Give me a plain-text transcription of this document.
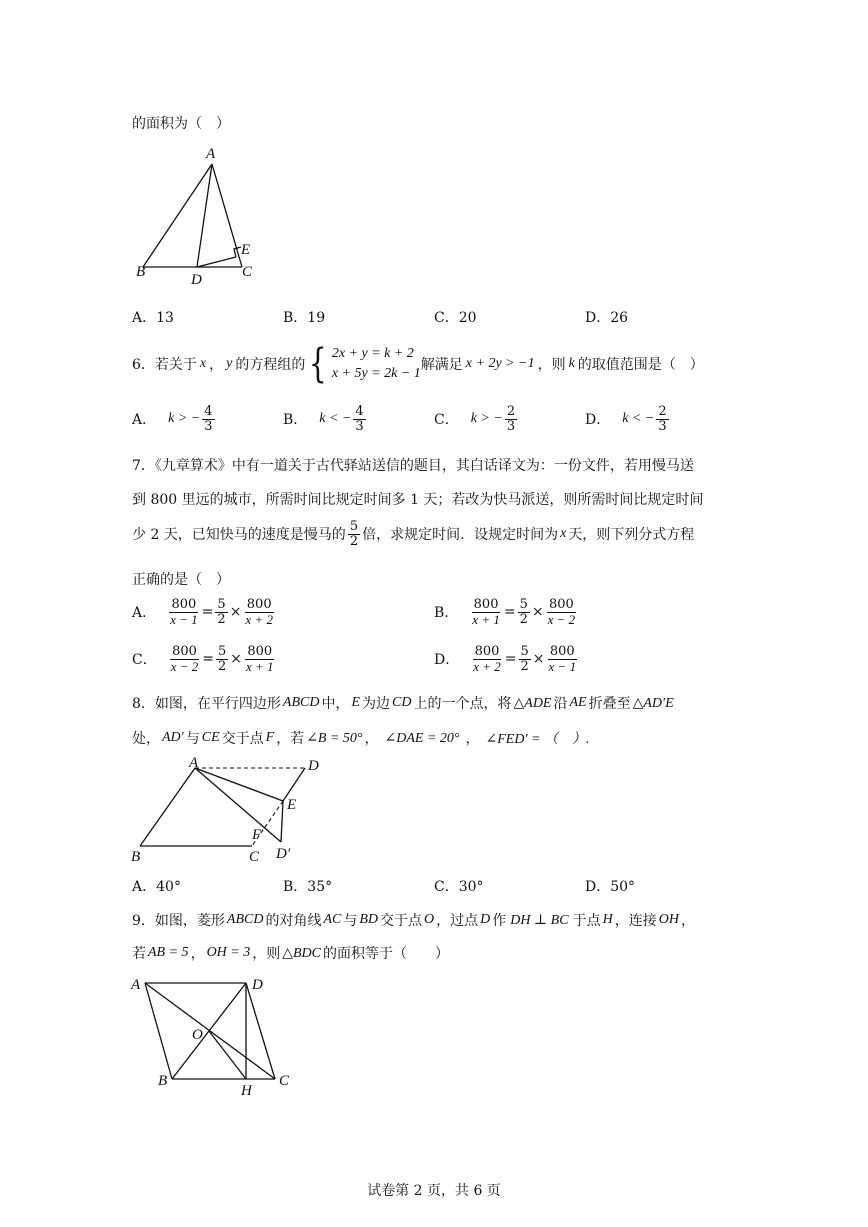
的面积为（　）
A
B	D	C
E
A．13	B．19	C．20	D．26
6．若关于 x ， y 的方程组的 { 2x + y = k + 2
x + 5y = 2k − 1
解满足 x + 2y > −1 ，则 k 的取值范围是（　）
A． k > − $\frac{4}{3}$	B． k < − $\frac{4}{3}$	C． k > − $\frac{2}{3}$	D． k < − $\frac{2}{3}$
7．《九章算术》中有一道关于古代驿站送信的题目，其白话译文为：一份文件，若用慢马送
到 800 里远的城市，所需时间比规定时间多 1 天；若改为快马派送，则所需时间比规定时间
少 2 天，已知快马的速度是慢马的 $\frac{5}{2}$ 倍，求规定时间．设规定时间为 x 天，则下列分式方程
正确的是（　）
A． $\frac{800}{x - 1} = \frac{5}{2} \times \frac{800}{x + 2}$	B． $\frac{800}{x + 1} = \frac{5}{2} \times \frac{800}{x - 2}$
C． $\frac{800}{x - 2} = \frac{5}{2} \times \frac{800}{x + 1}$	D． $\frac{800}{x + 2} = \frac{5}{2} \times \frac{800}{x - 1}$
8．如图，在平行四边形 ABCD 中， E 为边 CD 上的一个点，将 △ADE 沿 AE 折叠至 △AD′E
处， AD′ 与 CE 交于点 F ，若 ∠B = 50° ， ∠DAE = 20° ， ∠FED′ = （　）.
A	D
E
F
B	C D′
A．40°	B．35°	C．30°	D．50°
9．如图，菱形 ABCD 的对角线 AC 与 BD 交于点 O ，过点 D 作 DH ⊥ BC 于点 H ，连接 OH ，
若 AB = 5 ， OH = 3 ，则 △BDC 的面积等于（　　）
A	D
O
B
H
C
试卷第 2 页，共 6 页
